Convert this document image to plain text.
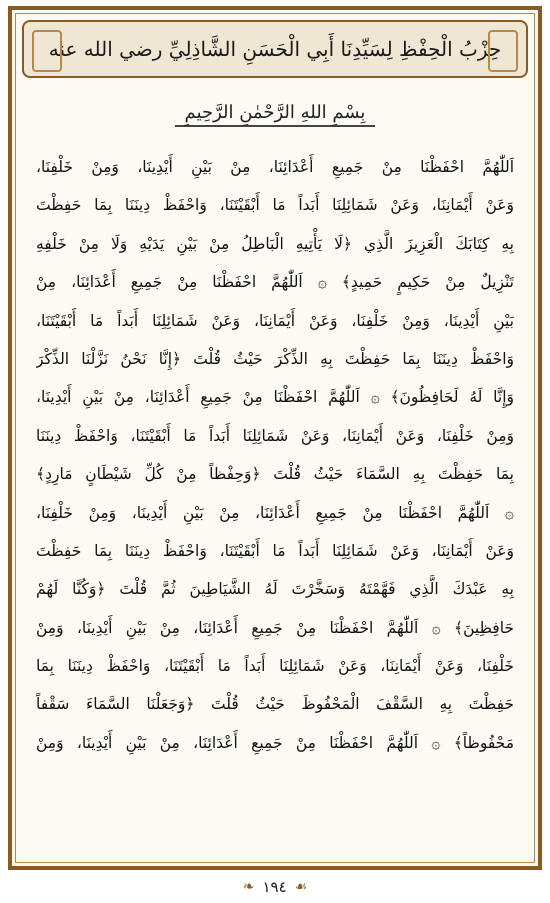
حِزْبُ الْحِفْظِ لِسَيِّدِنَا أَبِي الْحَسَنِ الشَّاذِلِيِّ رضي الله عنه
بِسْمِ اللهِ الرَّحْمٰنِ الرَّحِيمِ
اَللّٰهُمَّ احْفَظْنَا مِنْ جَمِيعِ أَعْدَائِنَا، مِنْ بَيْنِ أَيْدِينَا، وَمِنْ خَلْفِنَا،
وَعَنْ أَيْمَانِنَا، وَعَنْ شَمَائِلِنَا أَبَداً مَا أَبْقَيْتَنَا، وَاحْفَظْ دِينَنَا بِمَا حَفِظْتَ
بِهِ كِتَابَكَ الْعَزِيزَ الَّذِي ﴿لَا يَأْتِيهِ الْبَاطِلُ مِنْ بَيْنِ يَدَيْهِ وَلَا مِنْ خَلْفِهِ
تَنْزِيلٌ مِنْ حَكِيمٍ حَمِيدٍ﴾ ۞ اَللّٰهُمَّ احْفَظْنَا مِنْ جَمِيعِ أَعْدَائِنَا، مِنْ
بَيْنِ أَيْدِينَا، وَمِنْ خَلْفِنَا، وَعَنْ أَيْمَانِنَا، وَعَنْ شَمَائِلِنَا أَبَداً مَا أَبْقَيْتَنَا،
وَاحْفَظْ دِينَنَا بِمَا حَفِظْتَ بِهِ الذِّكْرَ حَيْثُ قُلْتَ ﴿إِنَّا نَحْنُ نَزَّلْنَا الذِّكْرَ
وَإِنَّا لَهُ لَحَافِظُونَ﴾ ۞ اَللّٰهُمَّ احْفَظْنَا مِنْ جَمِيعِ أَعْدَائِنَا، مِنْ بَيْنِ أَيْدِينَا،
وَمِنْ خَلْفِنَا، وَعَنْ أَيْمَانِنَا، وَعَنْ شَمَائِلِنَا أَبَداً مَا أَبْقَيْتَنَا، وَاحْفَظْ دِينَنَا
بِمَا حَفِظْتَ بِهِ السَّمَاءَ حَيْثُ قُلْتَ ﴿وَحِفْظاً مِنْ كُلِّ شَيْطَانٍ مَارِدٍ﴾
۞ اَللّٰهُمَّ احْفَظْنَا مِنْ جَمِيعِ أَعْدَائِنَا، مِنْ بَيْنِ أَيْدِينَا، وَمِنْ خَلْفِنَا،
وَعَنْ أَيْمَانِنَا، وَعَنْ شَمَائِلِنَا أَبَداً مَا أَبْقَيْتَنَا، وَاحْفَظْ دِينَنَا بِمَا حَفِظْتَ
بِهِ عَبْدَكَ الَّذِي فَهَّمْتَهُ وَسَخَّرْتَ لَهُ الشَّيَاطِينَ ثُمَّ قُلْتَ ﴿وَكُنَّا لَهُمْ
حَافِظِينَ﴾ ۞ اَللّٰهُمَّ احْفَظْنَا مِنْ جَمِيعِ أَعْدَائِنَا، مِنْ بَيْنِ أَيْدِينَا، وَمِنْ
خَلْفِنَا، وَعَنْ أَيْمَانِنَا، وَعَنْ شَمَائِلِنَا أَبَداً مَا أَبْقَيْتَنَا، وَاحْفَظْ دِينَنَا بِمَا
حَفِظْتَ بِهِ السَّقْفَ الْمَحْفُوظَ حَيْثُ قُلْتَ ﴿وَجَعَلْنَا السَّمَاءَ سَقْفاً
مَحْفُوظاً﴾ ۞ اَللّٰهُمَّ احْفَظْنَا مِنْ جَمِيعِ أَعْدَائِنَا، مِنْ بَيْنِ أَيْدِينَا، وَمِنْ
❧ ١٩٤ ☙
